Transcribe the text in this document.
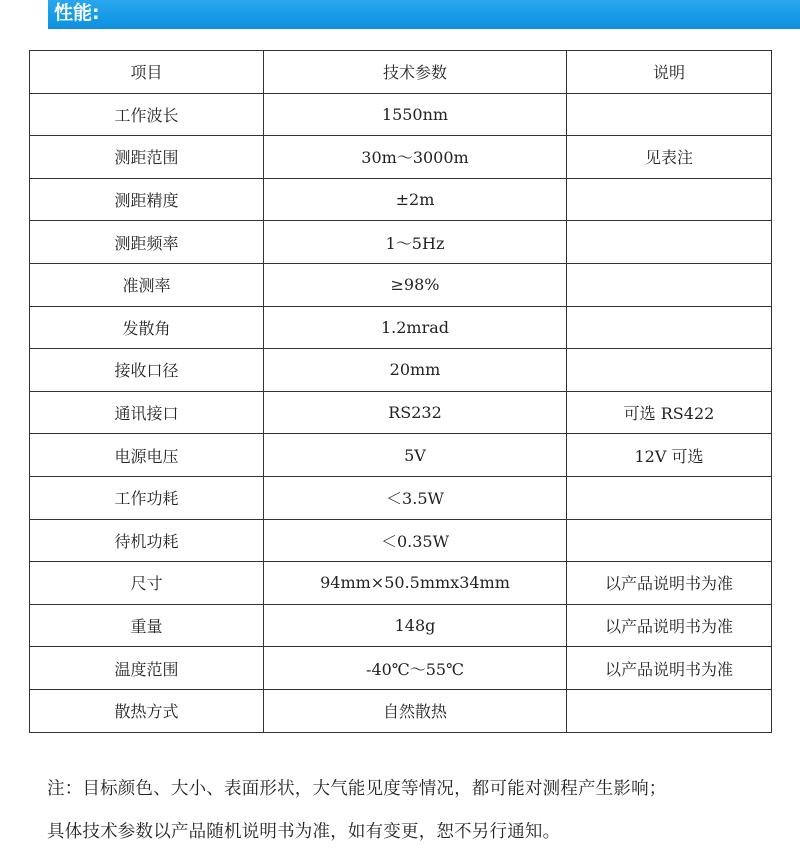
性能:
项目	技术参数	说明
工作波长	1550nm	
测距范围	30m～3000m	见表注
测距精度	±2m	
测距频率	1～5Hz	
准测率	≥98%	
发散角	1.2mrad	
接收口径	20mm	
通讯接口	RS232	可选 RS422
电源电压	5V	12V 可选
工作功耗	＜3.5W	
待机功耗	＜0.35W	
尺寸	94mm×50.5mmx34mm	以产品说明书为准
重量	148g	以产品说明书为准
温度范围	-40℃～55℃	以产品说明书为准
散热方式	自然散热	
注：目标颜色、大小、表面形状，大气能见度等情况，都可能对测程产生影响；
具体技术参数以产品随机说明书为准，如有变更，恕不另行通知。
